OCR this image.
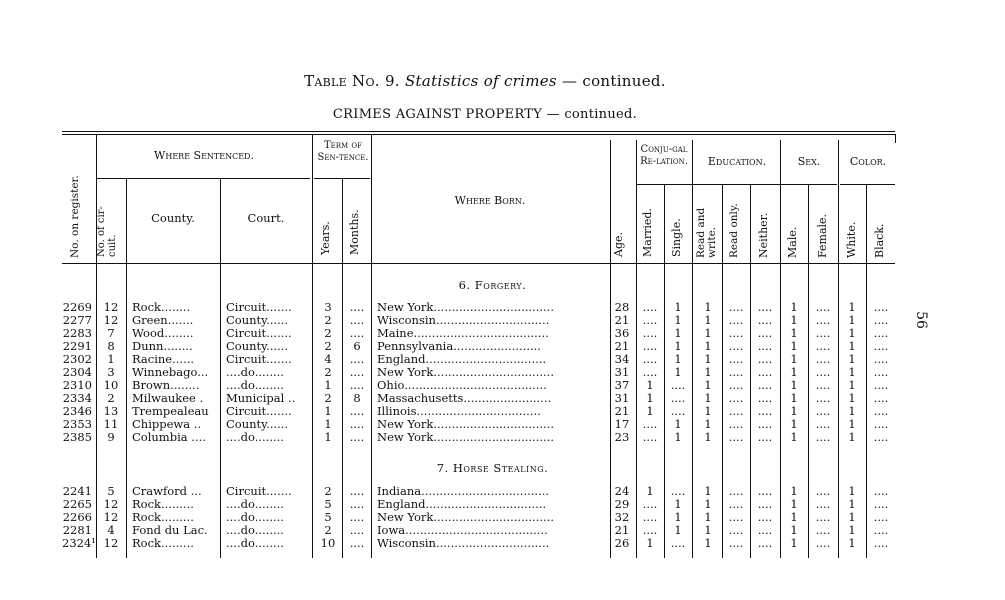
Table No. 9. Statistics of crimes — continued.
CRIMES AGAINST PROPERTY — continued.
No. on register.
Where Sentenced.
No. of cir-cuit.
County.	Court.
Term of Sen-tence.
Years. Months.
Where Born.
Age.
Conju-gal Re-lation.
Married. Single.
Education.
Read and write. Read only. Neither.
Sex.
Male. Female.
Color.
White. Black.
6. Forgery.
7. Horse Stealing.
2269	12	Rock........	Circuit.......	3	....	New York.................................	28	....	1	1	....	....	1	....	1	....
2277	12	Green.......	County......	2	....	Wisconsin...............................	21	....	1	1	....	....	1	....	1	....
2283	7	Wood........	Circuit.......	2	....	Maine.....................................	36	....	1	1	....	....	1	....	1	....
2291	8	Dunn........	County......	2	6	Pennsylvania........................	21	....	1	1	....	....	1	....	1	....
2302	1	Racine......	Circuit.......	4	....	England.................................	34	....	1	1	....	....	1	....	1	....
2304	3	Winnebago...	....do........	2	....	New York.................................	31	....	1	1	....	....	1	....	1	....
2310	10	Brown........	....do........	1	....	Ohio.......................................	37	1	....	1	....	....	1	....	1	....
2334	2	Milwaukee .	Municipal ..	2	8	Massachusetts........................	31	1	....	1	....	....	1	....	1	....
2346	13	Trempealeau	Circuit.......	1	....	Illinois..................................	21	1	....	1	....	....	1	....	1	....
2353	11	Chippewa ..	County......	1	....	New York.................................	17	....	1	1	....	....	1	....	1	....
2385	9	Columbia ....	....do........	1	....	New York.................................	23	....	1	1	....	....	1	....	1	....
2241	5	Crawford ...	Circuit.......	2	....	Indiana...................................	24	1	....	1	....	....	1	....	1	....
2265	12	Rock.........	....do........	5	....	England.................................	29	....	1	1	....	....	1	....	1	....
2266	12	Rock.........	....do........	5	....	New York.................................	32	....	1	1	....	....	1	....	1	....
2281	4	Fond du Lac.	....do........	2	....	Iowa.......................................	21	....	1	1	....	....	1	....	1	....
2324¹ 12	Rock.........	....do........	10	....	Wisconsin...............................	26	1	....	1	....	....	1	....	1	....
56
